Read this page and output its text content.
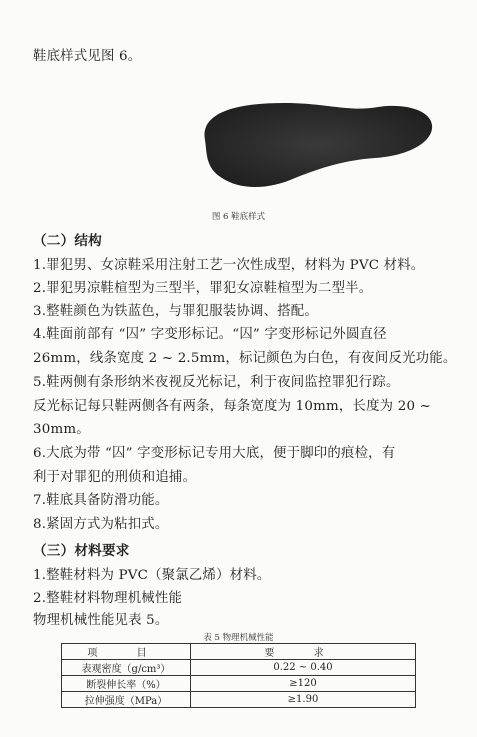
鞋底样式见图 6。
图 6 鞋底样式
（二）结构
1.罪犯男、女凉鞋采用注射工艺一次性成型，材料为 PVC 材料。
2.罪犯男凉鞋楦型为三型半，罪犯女凉鞋楦型为二型半。
3.整鞋颜色为铁蓝色，与罪犯服装协调、搭配。
4.鞋面前部有 “囚” 字变形标记。“囚” 字变形标记外圆直径
26mm，线条宽度 2 ~ 2.5mm，标记颜色为白色，有夜间反光功能。
5.鞋两侧有条形纳米夜视反光标记，利于夜间监控罪犯行踪。
反光标记每只鞋两侧各有两条，每条宽度为 10mm，长度为 20 ~
30mm。
6.大底为带 “囚” 字变形标记专用大底，便于脚印的痕检，有
利于对罪犯的刑侦和追捕。
7.鞋底具备防滑功能。
8.紧固方式为粘扣式。
（三）材料要求
1.整鞋材料为 PVC（聚氯乙烯）材料。
2.整鞋材料物理机械性能
物理机械性能见表 5。
表 5 物理机械性能
项 目	要 求
表观密度（g/cm³）	0.22 ~ 0.40
断裂伸长率（%）	≥120
拉伸强度（MPa）	≥1.90
